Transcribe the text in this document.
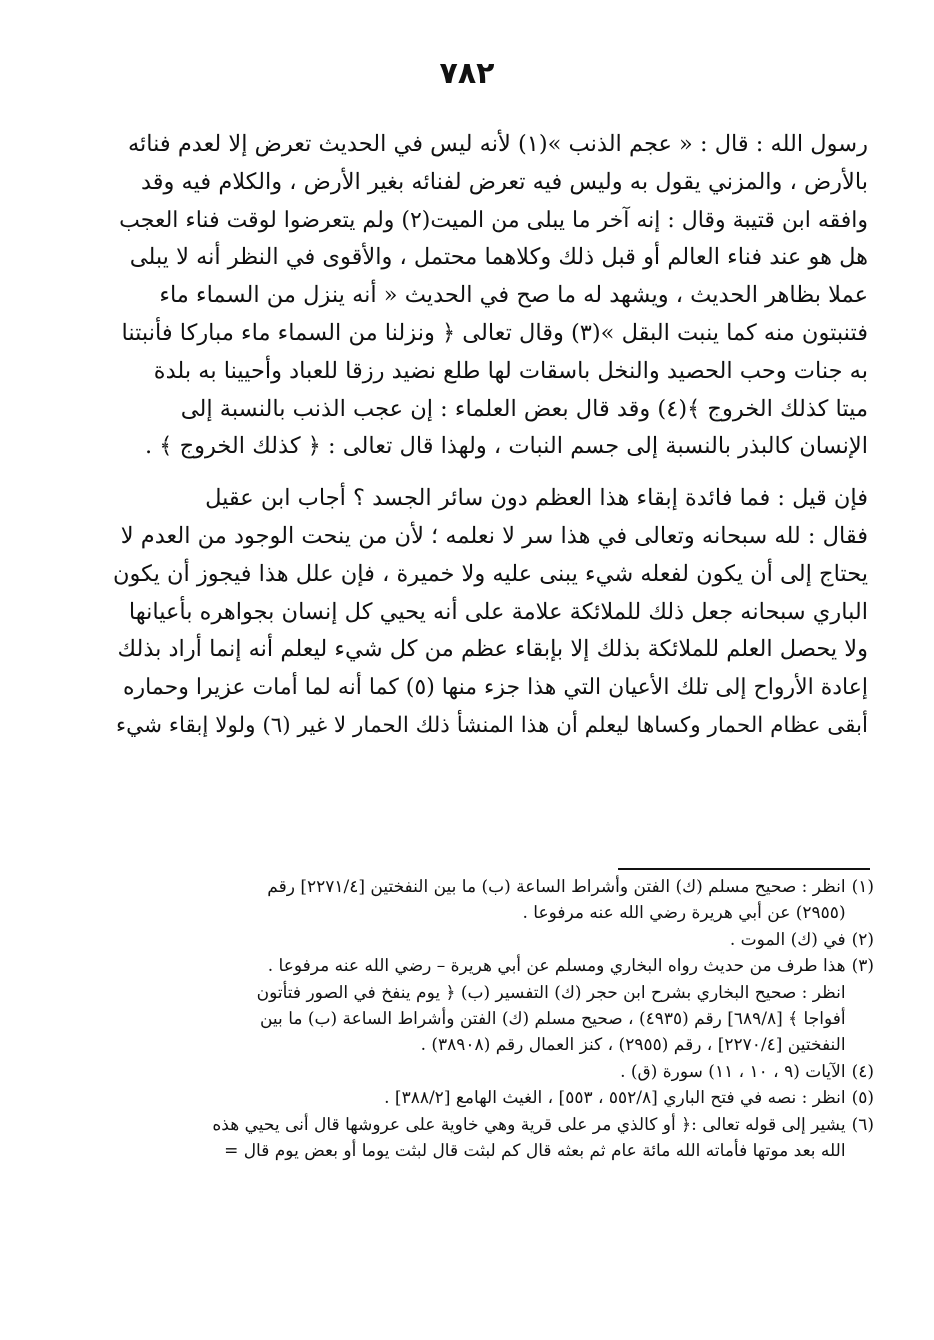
٧٨٢

رسول الله : قال : « عجم الذنب »(١) لأنه ليس في الحديث تعرض إلا لعدم فنائه
بالأرض ، والمزني يقول به وليس فيه تعرض لفنائه بغير الأرض ، والكلام فيه وقد
وافقه ابن قتيبة وقال : إنه آخر ما يبلى من الميت(٢) ولم يتعرضوا لوقت فناء العجب
هل هو عند فناء العالم أو قبل ذلك وكلاهما محتمل ، والأقوى في النظر أنه لا يبلى
عملا بظاهر الحديث ، ويشهد له ما صح في الحديث « أنه ينزل من السماء ماء
فتنبتون منه كما ينبت البقل »(٣) وقال تعالى ﴿ ونزلنا من السماء ماء مباركا فأنبتنا
به جنات وحب الحصيد والنخل باسقات لها طلع نضيد رزقا للعباد وأحيينا به بلدة
ميتا كذلك الخروج ﴾(٤) وقد قال بعض العلماء : إن عجب الذنب بالنسبة إلى
الإنسان كالبذر بالنسبة إلى جسم النبات ، ولهذا قال تعالى : ﴿ كذلك الخروج ﴾ .

فإن قيل : فما فائدة إبقاء هذا العظم دون سائر الجسد ؟ أجاب ابن عقيل
فقال : لله سبحانه وتعالى في هذا سر لا نعلمه ؛ لأن من ينحت الوجود من العدم لا
يحتاج إلى أن يكون لفعله شيء يبنى عليه ولا خميرة ، فإن علل هذا فيجوز أن يكون
الباري سبحانه جعل ذلك للملائكة علامة على أنه يحيي كل إنسان بجواهره بأعيانها
ولا يحصل العلم للملائكة بذلك إلا بإبقاء عظم من كل شيء ليعلم أنه إنما أراد بذلك
إعادة الأرواح إلى تلك الأعيان التي هذا جزء منها (٥) كما أنه لما أمات عزيرا وحماره
أبقى عظام الحمار وكساها ليعلم أن هذا المنشأ ذلك الحمار لا غير (٦) ولولا إبقاء شيء

(١)
انظر : صحيح مسلم (ك) الفتن وأشراط الساعة (ب) ما بين النفختين [٢٢٧١/٤] رقم
(٢٩٥٥) عن أبي هريرة رضي الله عنه مرفوعا .
(٢)
في (ك) الموت .
(٣)
هذا طرف من حديث رواه البخاري ومسلم عن أبي هريرة – رضي الله عنه مرفوعا .
انظر : صحيح البخاري بشرح ابن حجر (ك) التفسير (ب) ﴿ يوم ينفخ في الصور فتأتون
أفواجا ﴾ [٦٨٩/٨] رقم (٤٩٣٥) ، صحيح مسلم (ك) الفتن وأشراط الساعة (ب) ما بين
النفختين [٢٢٧٠/٤] ، رقم (٢٩٥٥) ، كنز العمال رقم (٣٨٩٠٨) .
(٤)
الآيات (٩ ، ١٠ ، ١١) سورة (ق) .
(٥)
انظر : نصه في فتح الباري [٥٥٢/٨ ، ٥٥٣] ، الغيث الهامع [٣٨٨/٢] .
(٦)
يشير إلى قوله تعالى :﴿ أو كالذي مر على قرية وهي خاوية على عروشها قال أنى يحيي هذه
الله بعد موتها فأماته الله مائة عام ثم بعثه قال كم لبثت قال لبثت يوما أو بعض يوم قال =
